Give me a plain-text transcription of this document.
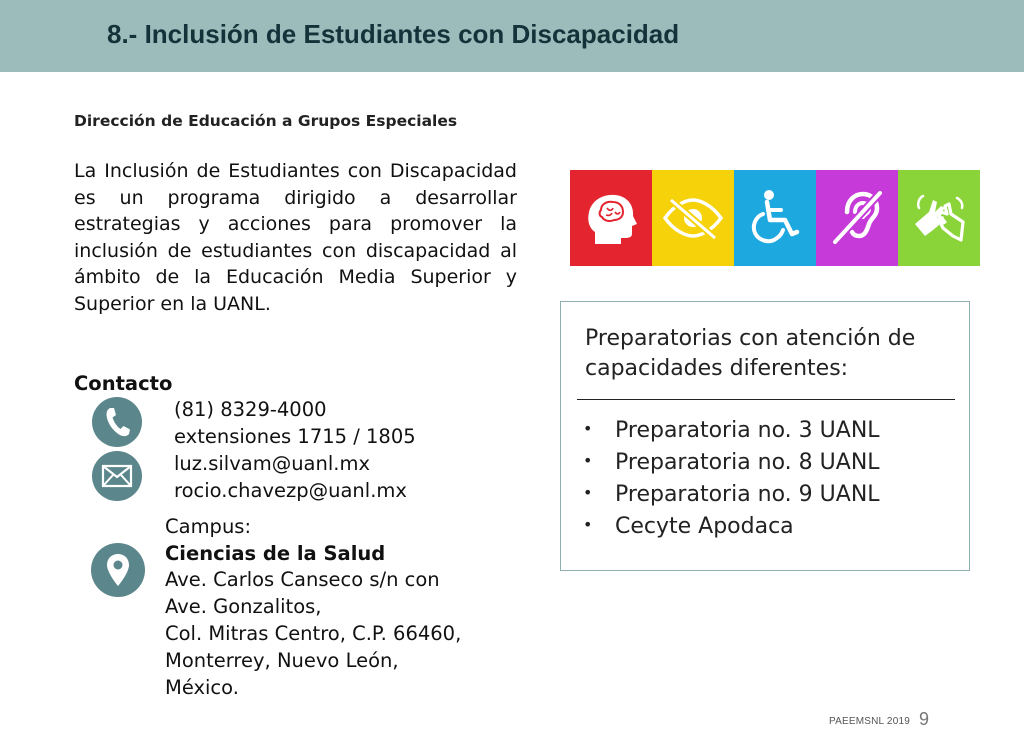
8.- Inclusión de Estudiantes con Discapacidad
Dirección de Educación a Grupos Especiales

La Inclusión de Estudiantes con Discapacidad es un programa dirigido a desarrollar estrategias y acciones para promover la inclusión de estudiantes con discapacidad al ámbito de la Educación Media Superior y Superior en la UANL.

Contacto
(81) 8329-4000
extensiones 1715 / 1805
luz.silvam@uanl.mx
rocio.chavezp@uanl.mx
Campus:
Ciencias de la Salud
Ave. Carlos Canseco s/n con
Ave. Gonzalitos,
Col. Mitras Centro, C.P. 66460,
Monterrey, Nuevo León,
México.
Preparatorias con atención de capacidades diferentes:
• Preparatoria no. 3 UANL
• Preparatoria no. 8 UANL
• Preparatoria no. 9 UANL
• Cecyte Apodaca
PAEEMSNL 2019 9
